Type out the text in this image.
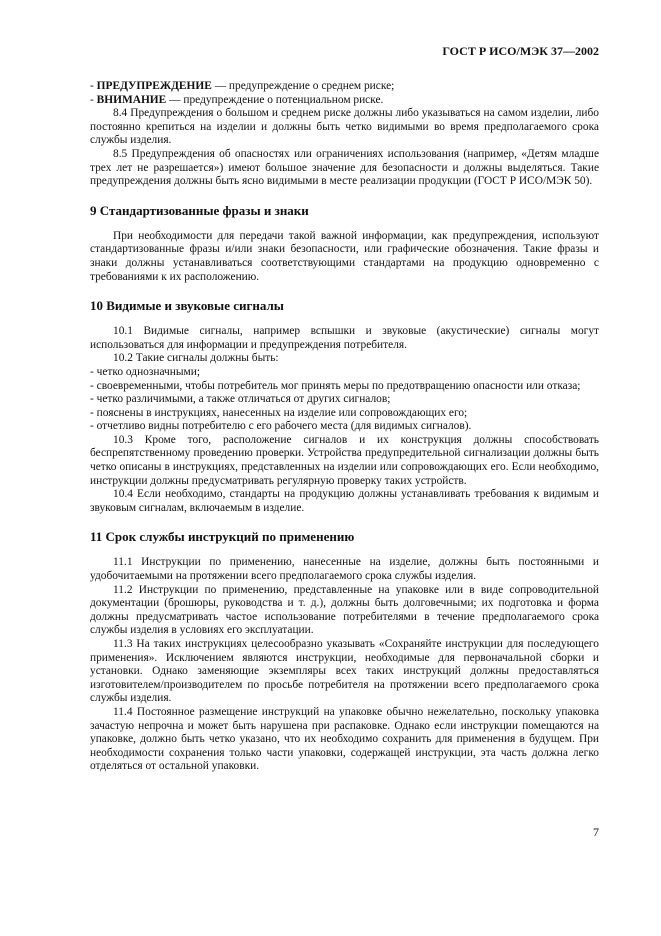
ГОСТ Р ИСО/МЭК 37—2002

- ПРЕДУПРЕЖДЕНИЕ — предупреждение о среднем риске;

- ВНИМАНИЕ — предупреждение о потенциальном риске.

8.4 Предупреждения о большом и среднем риске должны либо указываться на самом изделии, либо постоянно крепиться на изделии и должны быть четко видимыми во время предполагаемого срока службы изделия.

8.5 Предупреждения об опасностях или ограничениях использования (например, «Детям младше трех лет не разрешается») имеют большое значение для безопасности и должны выделяться. Такие предупреждения должны быть ясно видимыми в месте реализации продукции (ГОСТ Р ИСО/МЭК 50).

9 Стандартизованные фразы и знаки

При необходимости для передачи такой важной информации, как предупреждения, используют стандартизованные фразы и/или знаки безопасности, или графические обозначения. Такие фразы и знаки должны устанавливаться соответствующими стандартами на продукцию одновременно с требованиями к их расположению.

10 Видимые и звуковые сигналы

10.1 Видимые сигналы, например вспышки и звуковые (акустические) сигналы могут использоваться для информации и предупреждения потребителя.

10.2 Такие сигналы должны быть:

- четко однозначными;

- своевременными, чтобы потребитель мог принять меры по предотвращению опасности или отказа;

- четко различимыми, а также отличаться от других сигналов;

- пояснены в инструкциях, нанесенных на изделие или сопровождающих его;

- отчетливо видны потребителю с его рабочего места (для видимых сигналов).

10.3 Кроме того, расположение сигналов и их конструкция должны способствовать беспрепятственному проведению проверки. Устройства предупредительной сигнализации должны быть четко описаны в инструкциях, представленных на изделии или сопровождающих его. Если необходимо, инструкции должны предусматривать регулярную проверку таких устройств.

10.4 Если необходимо, стандарты на продукцию должны устанавливать требования к видимым и звуковым сигналам, включаемым в изделие.

11 Срок службы инструкций по применению

11.1 Инструкции по применению, нанесенные на изделие, должны быть постоянными и удобочитаемыми на протяжении всего предполагаемого срока службы изделия.

11.2 Инструкции по применению, представленные на упаковке или в виде сопроводительной документации (брошюры, руководства и т. д.), должны быть долговечными; их подготовка и форма должны предусматривать частое использование потребителями в течение предполагаемого срока службы изделия в условиях его эксплуатации.

11.3 На таких инструкциях целесообразно указывать «Сохраняйте инструкции для последующего применения». Исключением являются инструкции, необходимые для первоначальной сборки и установки. Однако заменяющие экземпляры всех таких инструкций должны предоставляться изготовителем/производителем по просьбе потребителя на протяжении всего предполагаемого срока службы изделия.

11.4 Постоянное размещение инструкций на упаковке обычно нежелательно, поскольку упаковка зачастую непрочна и может быть нарушена при распаковке. Однако если инструкции помещаются на упаковке, должно быть четко указано, что их необходимо сохранить для применения в будущем. При необходимости сохранения только части упаковки, содержащей инструкции, эта часть должна легко отделяться от остальной упаковки.

7
